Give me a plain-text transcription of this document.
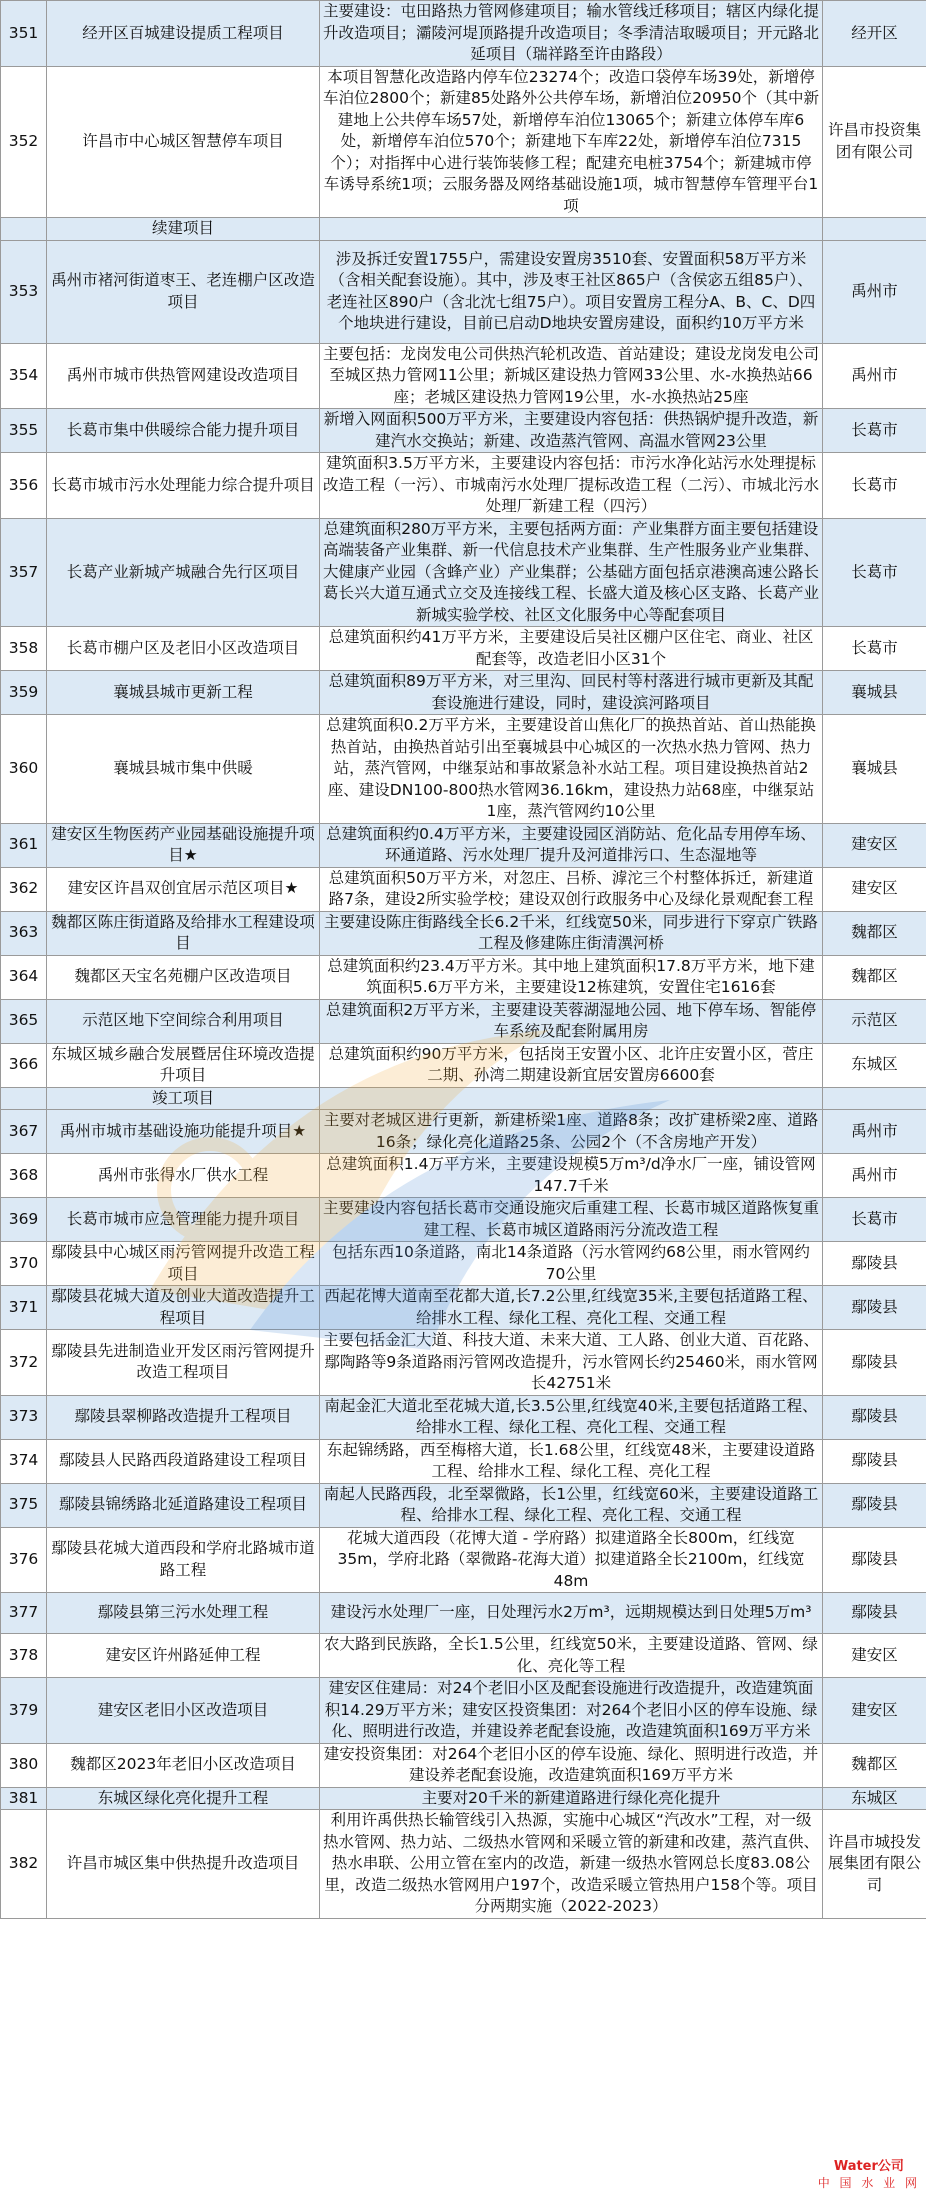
351	经开区百城建设提质工程项目	主要建设：屯田路热力管网修建项目；输水管线迁移项目；辖区内绿化提升改造项目；灞陵河堤顶路提升改造项目；冬季清洁取暖项目；开元路北延项目（瑞祥路至许由路段）	经开区
352	许昌市中心城区智慧停车项目	本项目智慧化改造路内停车位23274个；改造口袋停车场39处，新增停车泊位2800个；新建85处路外公共停车场，新增泊位20950个（其中新建地上公共停车场57处，新增停车泊位13065个；新建立体停车库6处，新增停车泊位570个；新建地下车库22处，新增停车泊位7315个）；对指挥中心进行装饰装修工程；配建充电桩3754个；新建城市停车诱导系统1项；云服务器及网络基础设施1项，城市智慧停车管理平台1项	许昌市投资集团有限公司
	续建项目		
353	禹州市褚河街道枣王、老连棚户区改造项目	涉及拆迁安置1755户，需建设安置房3510套、安置面积58万平方米（含相关配套设施）。其中，涉及枣王社区865户（含侯宓五组85户）、老连社区890户（含北沈七组75户）。项目安置房工程分A、B、C、D四个地块进行建设，目前已启动D地块安置房建设，面积约10万平方米	禹州市
354	禹州市城市供热管网建设改造项目	主要包括：龙岗发电公司供热汽轮机改造、首站建设；建设龙岗发电公司至城区热力管网11公里；新城区建设热力管网33公里、水-水换热站66座；老城区建设热力管网19公里，水-水换热站25座	禹州市
355	长葛市集中供暖综合能力提升项目	新增入网面积500万平方米，主要建设内容包括：供热锅炉提升改造，新建汽水交换站；新建、改造蒸汽管网、高温水管网23公里	长葛市
356	长葛市城市污水处理能力综合提升项目	建筑面积3.5万平方米，主要建设内容包括：市污水净化站污水处理提标改造工程（一污）、市城南污水处理厂提标改造工程（二污）、市城北污水处理厂新建工程（四污）	长葛市
357	长葛产业新城产城融合先行区项目	总建筑面积280万平方米，主要包括两方面：产业集群方面主要包括建设高端装备产业集群、新一代信息技术产业集群、生产性服务业产业集群、大健康产业园（含蜂产业）产业集群；公基础方面包括京港澳高速公路长葛长兴大道互通式立交及连接线工程、长盛大道及核心区支路、长葛产业新城实验学校、社区文化服务中心等配套项目	长葛市
358	长葛市棚户区及老旧小区改造项目	总建筑面积约41万平方米，主要建设后吴社区棚户区住宅、商业、社区配套等，改造老旧小区31个	长葛市
359	襄城县城市更新工程	总建筑面积89万平方米，对三里沟、回民村等村落进行城市更新及其配套设施进行建设，同时，建设滨河路项目	襄城县
360	襄城县城市集中供暖	总建筑面积0.2万平方米，主要建设首山焦化厂的换热首站、首山热能换热首站，由换热首站引出至襄城县中心城区的一次热水热力管网、热力站，蒸汽管网，中继泵站和事故紧急补水站工程。项目建设换热首站2座、建设DN100-800热水管网36.16km，建设热力站68座，中继泵站1座，蒸汽管网约10公里	襄城县
361	建安区生物医药产业园基础设施提升项目★	总建筑面积约0.4万平方米，主要建设园区消防站、危化品专用停车场、环通道路、污水处理厂提升及河道排污口、生态湿地等	建安区
362	建安区许昌双创宜居示范区项目★	总建筑面积50万平方米，对忽庄、吕桥、滹沱三个村整体拆迁，新建道路7条，建设2所实验学校；建设双创行政服务中心及绿化景观配套工程	建安区
363	魏都区陈庄街道路及给排水工程建设项目	主要建设陈庄街路线全长6.2千米，红线宽50米，同步进行下穿京广铁路工程及修建陈庄街清潩河桥	魏都区
364	魏都区天宝名苑棚户区改造项目	总建筑面积约23.4万平方米。其中地上建筑面积17.8万平方米，地下建筑面积5.6万平方米，主要建设12栋建筑，安置住宅1616套	魏都区
365	示范区地下空间综合利用项目	总建筑面积2万平方米，主要建设芙蓉湖湿地公园、地下停车场、智能停车系统及配套附属用房	示范区
366	东城区城乡融合发展暨居住环境改造提升项目	总建筑面积约90万平方米，包括岗王安置小区、北许庄安置小区，菅庄二期、孙湾二期建设新宜居安置房6600套	东城区
	竣工项目		
367	禹州市城市基础设施功能提升项目★	主要对老城区进行更新，新建桥梁1座、道路8条；改扩建桥梁2座、道路16条；绿化亮化道路25条、公园2个（不含房地产开发）	禹州市
368	禹州市张得水厂供水工程	总建筑面积1.4万平方米，主要建设规模5万m³/d净水厂一座，铺设管网147.7千米	禹州市
369	长葛市城市应急管理能力提升项目	主要建设内容包括长葛市交通设施灾后重建工程、长葛市城区道路恢复重建工程、长葛市城区道路雨污分流改造工程	长葛市
370	鄢陵县中心城区雨污管网提升改造工程项目	包括东西10条道路，南北14条道路（污水管网约68公里，雨水管网约70公里	鄢陵县
371	鄢陵县花城大道及创业大道改造提升工程项目	西起花博大道南至花都大道,长7.2公里,红线宽35米,主要包括道路工程、给排水工程、绿化工程、亮化工程、交通工程	鄢陵县
372	鄢陵县先进制造业开发区雨污管网提升改造工程项目	主要包括金汇大道、科技大道、未来大道、工人路、创业大道、百花路、鄢陶路等9条道路雨污管网改造提升，污水管网长约25460米，雨水管网长42751米	鄢陵县
373	鄢陵县翠柳路改造提升工程项目	南起金汇大道北至花城大道,长3.5公里,红线宽40米,主要包括道路工程、给排水工程、绿化工程、亮化工程、交通工程	鄢陵县
374	鄢陵县人民路西段道路建设工程项目	东起锦绣路，西至梅榕大道，长1.68公里，红线宽48米，主要建设道路工程、给排水工程、绿化工程、亮化工程	鄢陵县
375	鄢陵县锦绣路北延道路建设工程项目	南起人民路西段，北至翠微路，长1公里，红线宽60米，主要建设道路工程、给排水工程、绿化工程、亮化工程、交通工程	鄢陵县
376	鄢陵县花城大道西段和学府北路城市道路工程	花城大道西段（花博大道 - 学府路）拟建道路全长800m，红线宽35m，学府北路（翠微路-花海大道）拟建道路全长2100m，红线宽48m	鄢陵县
377	鄢陵县第三污水处理工程	建设污水处理厂一座，日处理污水2万m³，远期规模达到日处理5万m³	鄢陵县
378	建安区许州路延伸工程	农大路到民族路，全长1.5公里，红线宽50米，主要建设道路、管网、绿化、亮化等工程	建安区
379	建安区老旧小区改造项目	建安区住建局：对24个老旧小区及配套设施进行改造提升，改造建筑面积14.29万平方米；建安区投资集团：对264个老旧小区的停车设施、绿化、照明进行改造，并建设养老配套设施，改造建筑面积169万平方米	建安区
380	魏都区2023年老旧小区改造项目	建安投资集团：对264个老旧小区的停车设施、绿化、照明进行改造，并建设养老配套设施，改造建筑面积169万平方米	魏都区
381	东城区绿化亮化提升工程	主要对20千米的新建道路进行绿化亮化提升	东城区
382	许昌市城区集中供热提升改造项目	利用许禹供热长输管线引入热源，实施中心城区“汽改水”工程，对一级热水管网、热力站、二级热水管网和采暖立管的新建和改建，蒸汽直供、热水串联、公用立管在室内的改造，新建一级热水管网总长度83.08公里，改造二级热水管网用户197个，改造采暖立管热用户158个等。项目分两期实施（2022-2023）	许昌市城投发展集团有限公司
Water公司
中 国 水 业 网
